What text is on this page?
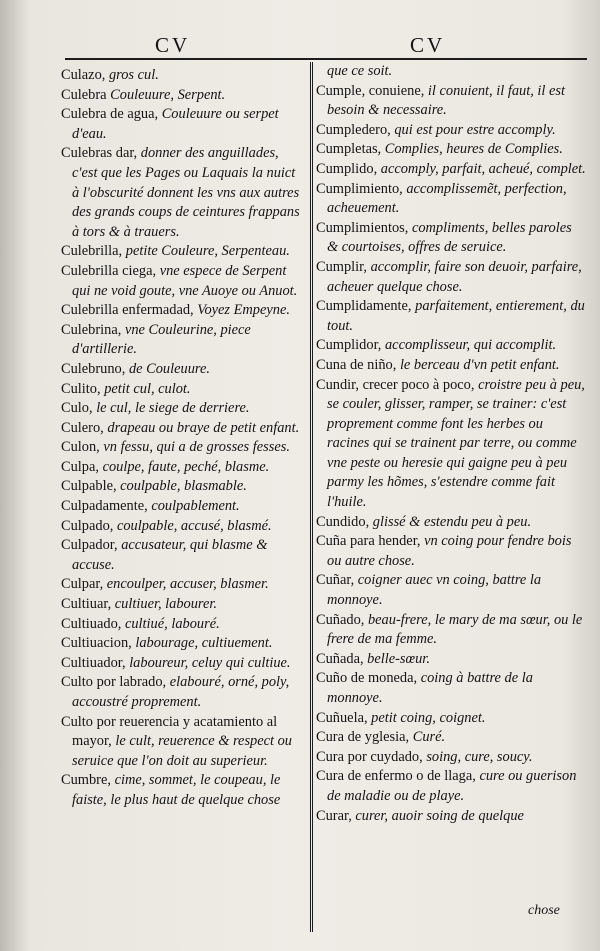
CV	CV

Culazo, gros cul.

Culebra Couleuure, Serpent.

Culebra de agua, Couleuure ou serpet d'eau.

Culebras dar, donner des anguillades, c'est que les Pages ou Laquais la nuict à l'obscurité donnent les vns aux autres des grands coups de ceintures frappans à tors & à trauers.

Culebrilla, petite Couleure, Serpenteau.

Culebrilla ciega, vne espece de Serpent qui ne void goute, vne Auoye ou Anuot.

Culebrilla enfermadad, Voyez Empeyne.

Culebrina, vne Couleurine, piece d'artillerie.

Culebruno, de Couleuure.

Culito, petit cul, culot.

Culo, le cul, le siege de derriere.

Culero, drapeau ou braye de petit enfant.

Culon, vn fessu, qui a de grosses fesses.

Culpa, coulpe, faute, peché, blasme.

Culpable, coulpable, blasmable.

Culpadamente, coulpablement.

Culpado, coulpable, accusé, blasmé.

Culpador, accusateur, qui blasme & accuse.

Culpar, encoulper, accuser, blasmer.

Cultiuar, cultiuer, labourer.

Cultiuado, cultiué, labouré.

Cultiuacion, labourage, cultiuement.

Cultiuador, laboureur, celuy qui cultiue.

Culto por labrado, elabouré, orné, poly, accoustré proprement.

Culto por reuerencia y acatamiento al mayor, le cult, reuerence & respect ou seruice que l'on doit au superieur.

Cumbre, cime, sommet, le coupeau, le faiste, le plus haut de quelque chose

que ce soit.

Cumple, conuiene, il conuient, il faut, il est besoin & necessaire.

Cumpledero, qui est pour estre accomply.

Cumpletas, Complies, heures de Complies.

Cumplido, accomply, parfait, acheué, complet.

Cumplimiento, accomplissemẽt, perfection, acheuement.

Cumplimientos, compliments, belles paroles & courtoises, offres de seruice.

Cumplir, accomplir, faire son deuoir, parfaire, acheuer quelque chose.

Cumplidamente, parfaitement, entierement, du tout.

Cumplidor, accomplisseur, qui accomplit.

Cuna de niño, le berceau d'vn petit enfant.

Cundir, crecer poco à poco, croistre peu à peu, se couler, glisser, ramper, se trainer: c'est proprement comme font les herbes ou racines qui se trainent par terre, ou comme vne peste ou heresie qui gaigne peu à peu parmy les hõmes, s'estendre comme fait l'huile.

Cundido, glissé & estendu peu à peu.

Cuña para hender, vn coing pour fendre bois ou autre chose.

Cuñar, coigner auec vn coing, battre la monnoye.

Cuñado, beau-frere, le mary de ma sœur, ou le frere de ma femme.

Cuñada, belle-sœur.

Cuño de moneda, coing à battre de la monnoye.

Cuñuela, petit coing, coignet.

Cura de yglesia, Curé.

Cura por cuydado, soing, cure, soucy.

Cura de enfermo o de llaga, cure ou guerison de maladie ou de playe.

Curar, curer, auoir soing de quelque

chose
